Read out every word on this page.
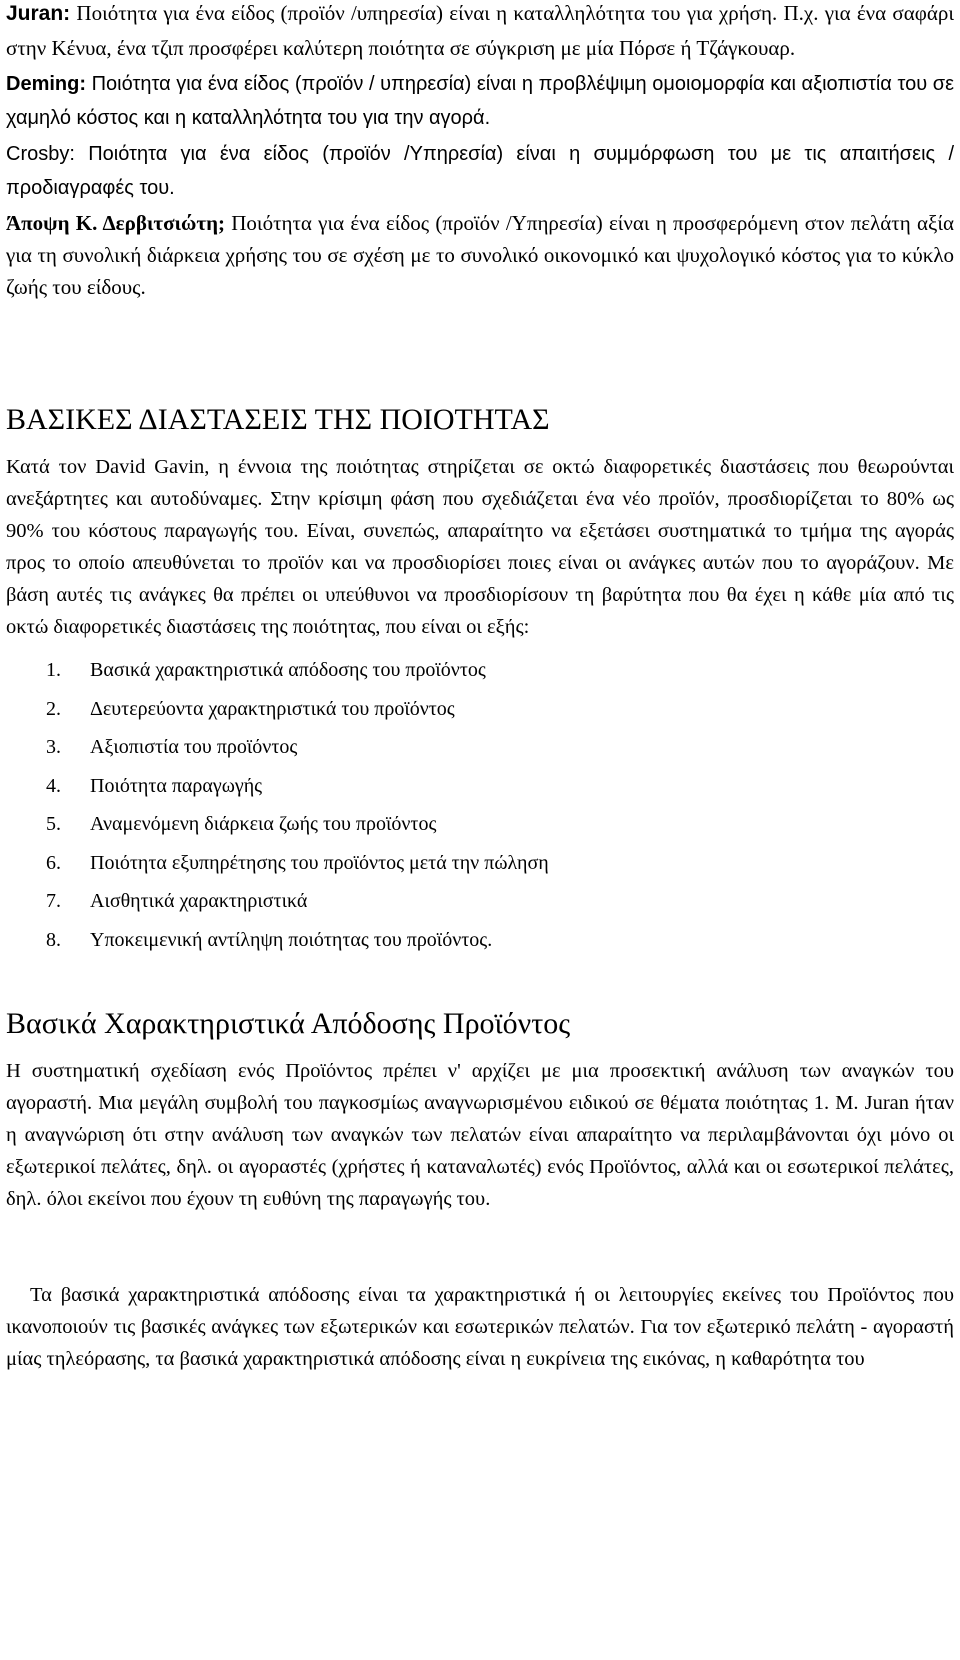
Juran: Ποιότητα για ένα είδος (προϊόν /υπηρεσία) είναι η καταλληλότητα του για χρήση. Π.χ. για ένα σαφάρι στην Κένυα, ένα τζιπ προσφέρει καλύτερη ποιότητα σε σύγκριση με μία Πόρσε ή Τζάγκουαρ.

Deming: Ποιότητα για ένα είδος (προϊόν / υπηρεσία) είναι η προβλέψιμη ομοιομορφία και αξιοπιστία του σε χαμηλό κόστος και η καταλληλότητα του για την αγορά.

Crosby: Ποιότητα για ένα είδος (προϊόν /Υπηρεσία) είναι η συμμόρφωση του με τις απαιτήσεις / προδιαγραφές του.

Άποψη Κ. Δερβιτσιώτη; Ποιότητα για ένα είδος (προϊόν /Υπηρεσία) είναι η προσφερόμενη στον πελάτη αξία για τη συνολική διάρκεια χρήσης του σε σχέση με το συνολικό οικονομικό και ψυχολογικό κόστος για το κύκλο ζωής του είδους.

ΒΑΣΙΚΕΣ ΔΙΑΣΤΑΣΕΙΣ ΤΗΣ ΠΟΙΟΤΗΤΑΣ

Κατά τον David Gavin, η έννοια της ποιότητας στηρίζεται σε οκτώ διαφορετικές διαστάσεις που θεωρούνται ανεξάρτητες και αυτοδύναμες. Στην κρίσιμη φάση που σχεδιάζεται ένα νέο προϊόν, προσδιορίζεται το 80% ως 90% του κόστους παραγωγής του. Είναι, συνεπώς, απαραίτητο να εξετάσει συστηματικά το τμήμα της αγοράς προς το οποίο απευθύνεται το προϊόν και να προσδιορίσει ποιες είναι οι ανάγκες αυτών που το αγοράζουν. Με βάση αυτές τις ανάγκες θα πρέπει οι υπεύθυνοι να προσδιορίσουν τη βαρύτητα που θα έχει η κάθε μία από τις οκτώ διαφορετικές διαστάσεις της ποιότητας, που είναι οι εξής:

1.	Βασικά χαρακτηριστικά απόδοσης του προϊόντος
2.	Δευτερεύοντα χαρακτηριστικά του προϊόντος
3.	Αξιοπιστία του προϊόντος
4.	Ποιότητα παραγωγής
5.	Αναμενόμενη διάρκεια ζωής του προϊόντος
6.	Ποιότητα εξυπηρέτησης του προϊόντος μετά την πώληση
7.	Αισθητικά χαρακτηριστικά
8.	Υποκειμενική αντίληψη ποιότητας του προϊόντος.
Βασικά Χαρακτηριστικά Απόδοσης Προϊόντος

Η συστηματική σχεδίαση ενός Προϊόντος πρέπει ν' αρχίζει με μια προσεκτική ανάλυση των αναγκών του αγοραστή. Μια μεγάλη συμβολή του παγκοσμίως αναγνωρισμένου ειδικού σε θέματα ποιότητας 1. Μ. Juran ήταν η αναγνώριση ότι στην ανάλυση των αναγκών των πελατών είναι απαραίτητο να περιλαμβάνονται όχι μόνο οι εξωτερικοί πελάτες, δηλ. οι αγοραστές (χρήστες ή καταναλωτές) ενός Προϊόντος, αλλά και οι εσωτερικοί πελάτες, δηλ. όλοι εκείνοι που έχουν τη ευθύνη της παραγωγής του.

Τα βασικά χαρακτηριστικά απόδοσης είναι τα χαρακτηριστικά ή οι λειτουργίες εκείνες του Προϊόντος που ικανοποιούν τις βασικές ανάγκες των εξωτερικών και εσωτερικών πελατών. Για τον εξωτερικό πελάτη - αγοραστή μίας τηλεόρασης, τα βασικά χαρακτηριστικά απόδοσης είναι η ευκρίνεια της εικόνας, η καθαρότητα του
